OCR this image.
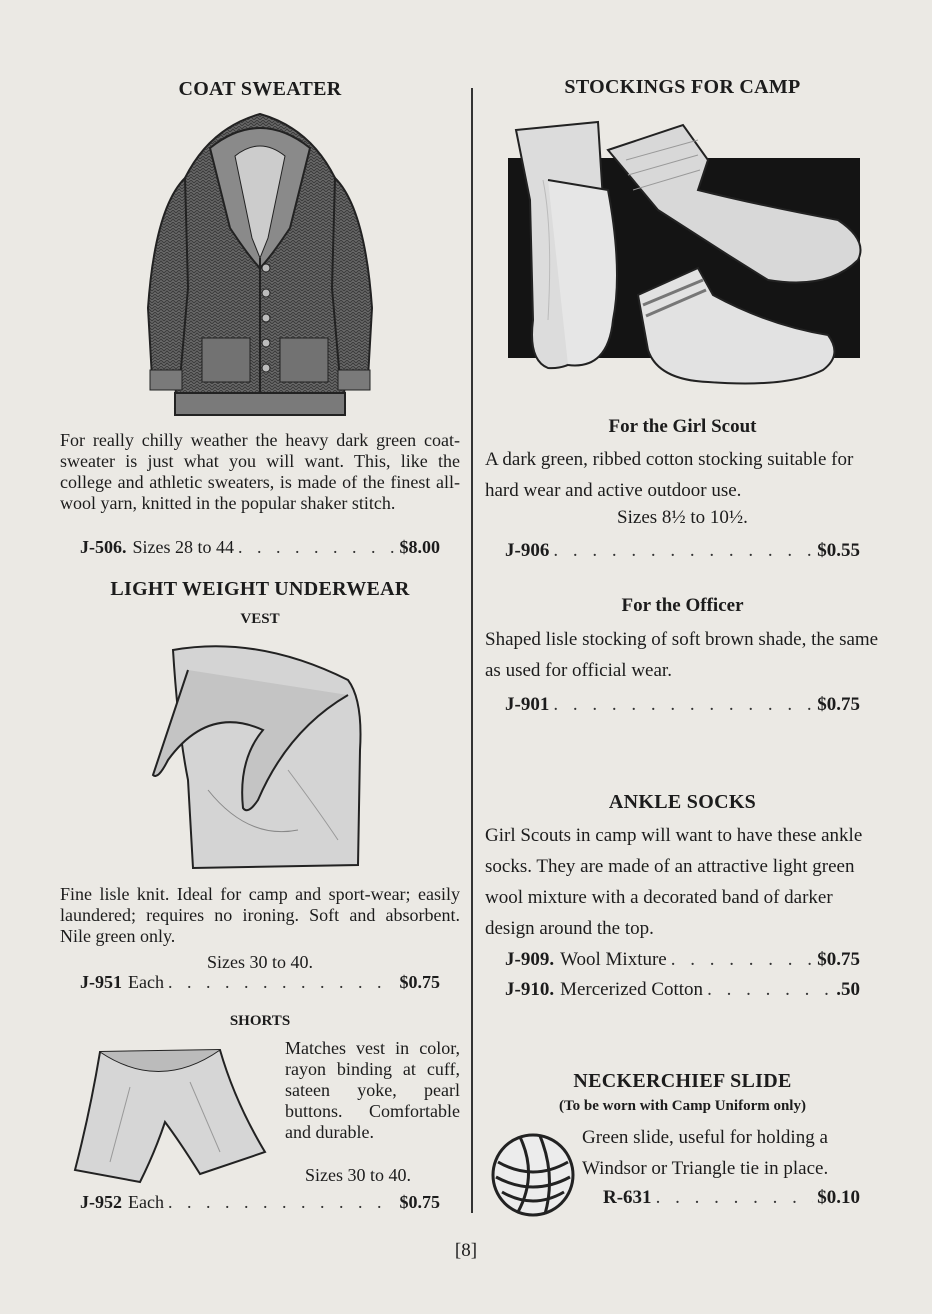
COAT SWEATER
For really chilly weather the heavy dark green coat-sweater is just what you will want. This, like the college and athletic sweaters, is made of the finest all-wool yarn, knitted in the popular shaker stitch.
J-506. Sizes 28 to 44 . . .	$8.00
LIGHT WEIGHT UNDERWEAR
VEST
Fine lisle knit. Ideal for camp and sport-wear; easily laundered; requires no ironing. Soft and absorbent. Nile green only.
Sizes 30 to 40.
J-951 Each . . .	$0.75
SHORTS
Matches vest in color, rayon binding at cuff, sateen yoke, pearl buttons. Comfortable and durable.
Sizes 30 to 40.
J-952 Each . . .	$0.75
STOCKINGS FOR CAMP
For the Girl Scout
A dark green, ribbed cotton stocking suitable for hard wear and active outdoor use.
Sizes 8½ to 10½.
J-906 . . .	$0.55
For the Officer
Shaped lisle stocking of soft brown shade, the same as used for official wear.
J-901 . . .	$0.75
ANKLE SOCKS
Girl Scouts in camp will want to have these ankle socks. They are made of an attractive light green wool mixture with a decorated band of darker design around the top.
J-909. Wool Mixture . . .	$0.75
J-910. Mercerized Cotton . . .	.50
NECKERCHIEF SLIDE
(To be worn with Camp Uniform only)
Green slide, useful for holding a Windsor or Triangle tie in place.
R-631 . . .	$0.10
[8]
